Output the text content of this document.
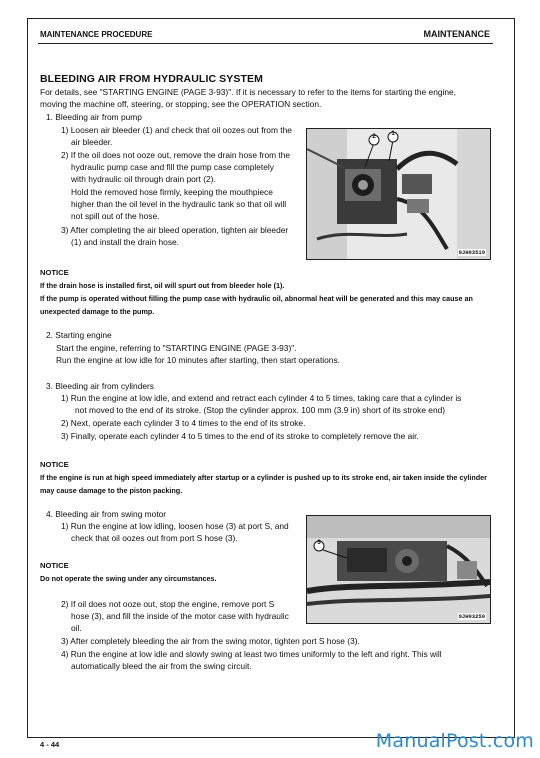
MAINTENANCE PROCEDURE	MAINTENANCE
BLEEDING AIR FROM HYDRAULIC SYSTEM
For details, see "STARTING ENGINE (PAGE 3-93)". If it is necessary to refer to the items for starting the engine,
moving the machine off, steering, or stopping, see the OPERATION section.
1. Bleeding air from pump
1) Loosen air bleeder (1) and check that oil oozes out from the
air bleeder.
2) If the oil does not ooze out, remove the drain hose from the
hydraulic pump case and fill the pump case completely
with hydraulic oil through drain port (2).
Hold the removed hose firmly, keeping the mouthpiece
higher than the oil level in the hydraulic tank so that oil will
not spill out of the hose.
3) After completing the air bleed operation, tighten air bleeder
(1) and install the drain hose.
2	1
9JH03519
NOTICE
If the drain hose is installed first, oil will spurt out from bleeder hole (1).
If the pump is operated without filling the pump case with hydraulic oil, abnormal heat will be generated and this may cause an
unexpected damage to the pump.
2. Starting engine
Start the engine, referring to "STARTING ENGINE (PAGE 3-93)".
Run the engine at low idle for 10 minutes after starting, then start operations.
3. Bleeding air from cylinders
1) Run the engine at low idle, and extend and retract each cylinder 4 to 5 times, taking care that a cylinder is
not moved to the end of its stroke. (Stop the cylinder approx. 100 mm (3.9 in) short of its stroke end)
2) Next, operate each cylinder 3 to 4 times to the end of its stroke.
3) Finally, operate each cylinder 4 to 5 times to the end of its stroke to completely remove the air.
NOTICE
If the engine is run at high speed immediately after startup or a cylinder is pushed up to its stroke end, air taken inside the cylinder
may cause damage to the piston packing.
4. Bleeding air from swing motor
1) Run the engine at low idling, loosen hose (3) at port S, and
check that oil oozes out from port S hose (3).	3
9JH03250
NOTICE
Do not operate the swing under any circumstances.
2) If oil does not ooze out, stop the engine, remove port S
hose (3), and fill the inside of the motor case with hydraulic
oil.
3) After completely bleeding the air from the swing motor, tighten port S hose (3).
4) Run the engine at low idle and slowly swing at least two times uniformly to the left and right. This will
automatically bleed the air from the swing circuit.
4 - 44	ManualPost.com
